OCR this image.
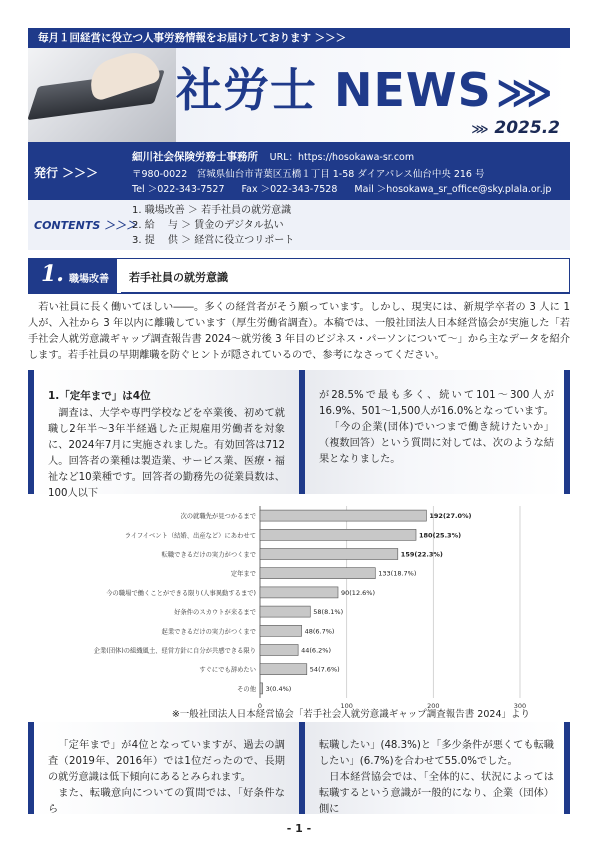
毎月１回経営に役立つ人事労務情報をお届けしております ＞＞＞
社労士 NEWS ⋙
⋙ 2025.2
発行 ＞＞＞
細川社会保険労務士事務所 URL：https://hosokawa-sr.com
〒980-0022　宮城県仙台市青葉区五橋１丁目 1-58 ダイアパレス仙台中央 216 号
Tel ＞022-343-7527 Fax ＞022-343-7528 Mail ＞hosokawa_sr_office@sky.plala.or.jp
CONTENTS ＞＞＞
1. 職場改善 ＞ 若手社員の就労意識
2. 給　 与 ＞ 賃金のデジタル払い
3. 提　 供 ＞ 経営に役立つリポート
1. 職場改善 若手社員の就労意識

若い社員に長く働いてほしい――。多くの経営者がそう願っています。しかし、現実には、新規学卒者の 3 人に 1 人が、入社から 3 年以内に離職しています（厚生労働省調査）。本稿では、一般社団法人日本経営協会が実施した「若手社会人就労意識ギャップ調査報告書 2024～就労後 3 年目のビジネス・パーソンについて～」から主なデータを紹介します。若手社員の早期離職を防ぐヒントが隠されているので、参考になさってください。

1.「定年まで」は4位

調査は、大学や専門学校などを卒業後、初めて就職し2年半～3年半経過した正規雇用労働者を対象に、2024年7月に実施されました。有効回答は712人。回答者の業種は製造業、サービス業、医療・福祉など10業種です。回答者の勤務先の従業員数は、100人以下

が28.5%で最も多く、続いて101～300人が16.9%、501～1,500人が16.0%となっています。

「今の企業(団体)でいつまで働き続けたいか」（複数回答）という質問に対しては、次のような結果となりました。

0	100	200	300
次の就職先が見つかるまで	192(27.0%)
ライフイベント（結婚、出産など）にあわせて	180(25.3%)
転職できるだけの実力がつくまで	159(22.3%)
定年まで	133(18.7%)
今の職場で働くことができる限り(人事異動するまで)	90(12.6%)
好条件のスカウトが来るまで	58(8.1%)
起業できるだけの実力がつくまで	48(6.7%)
企業(団体)の組織風土、経営方針に自分が共感できる限り	44(6.2%)
すぐにでも辞めたい	54(7.6%)
その他 3(0.4%)
※一般社団法人日本経営協会「若手社会人就労意識ギャップ調査報告書 2024」より

「定年まで」が4位となっていますが、過去の調査（2019年、2016年）では1位だったので、長期の就労意識は低下傾向にあるとみられます。

また、転職意向についての質問では、「好条件なら

転職したい」(48.3%)と「多少条件が悪くても転職したい」(6.7%)を合わせて55.0%でした。

日本経営協会では、「全体的に、状況によっては転職するという意識が一般的になり、企業（団体）側に

- 1 -
